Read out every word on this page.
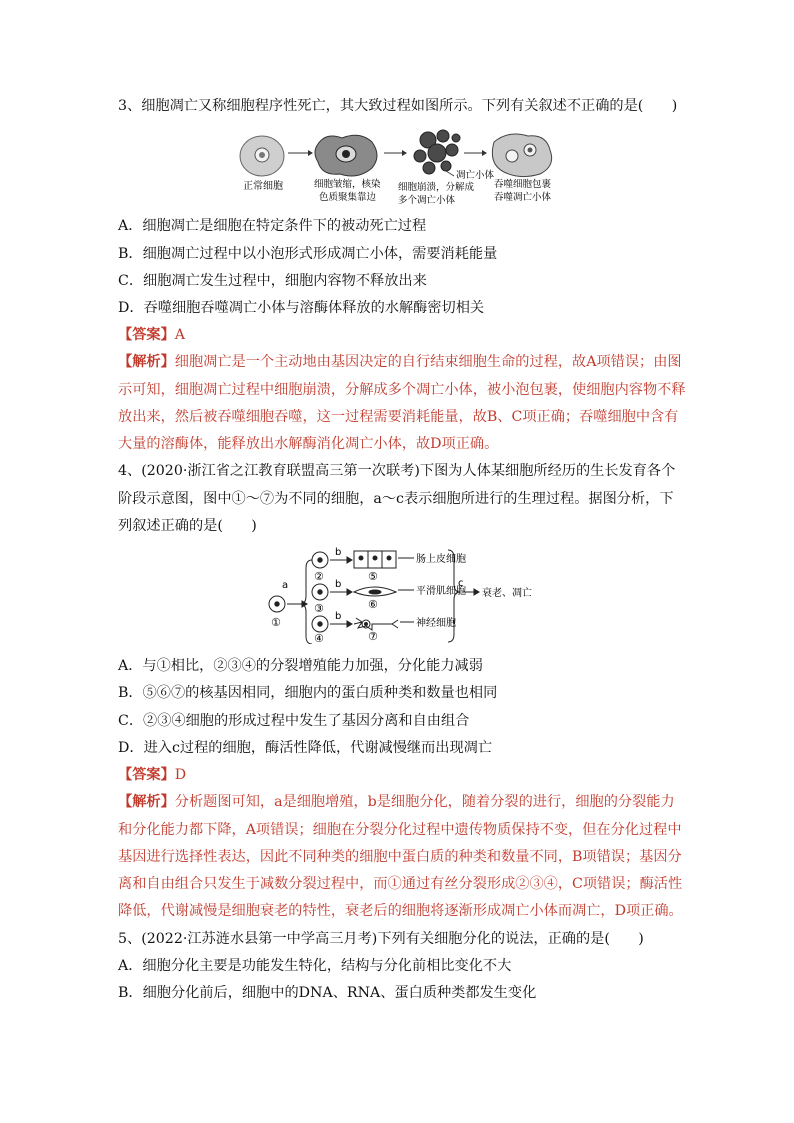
3、细胞凋亡又称细胞程序性死亡，其大致过程如图所示。下列有关叙述不正确的是(　　)
正常细胞	细胞皱缩，核染
色质聚集靠边
凋亡小体
细胞崩溃，分解成
多个凋亡小体
吞噬细胞包裹
吞噬凋亡小体
A．细胞凋亡是细胞在特定条件下的被动死亡过程
B．细胞凋亡过程中以小泡形式形成凋亡小体，需要消耗能量
C．细胞凋亡发生过程中，细胞内容物不释放出来
D．吞噬细胞吞噬凋亡小体与溶酶体释放的水解酶密切相关
【答案】A
【解析】细胞凋亡是一个主动地由基因决定的自行结束细胞生命的过程，故A项错误；由图
示可知，细胞凋亡过程中细胞崩溃，分解成多个凋亡小体，被小泡包裹，使细胞内容物不释
放出来，然后被吞噬细胞吞噬，这一过程需要消耗能量，故B、C项正确；吞噬细胞中含有
大量的溶酶体，能释放出水解酶消化凋亡小体，故D项正确。
4、(2020·浙江省之江教育联盟高三第一次联考)下图为人体某细胞所经历的生长发育各个
阶段示意图，图中①～⑦为不同的细胞，a～c表示细胞所进行的生理过程。据图分析，下
列叙述正确的是(　　)
a
b
b
b
c
①
②
③
④
⑤
⑥
⑦
肠上皮细胞
平滑肌细胞
神经细胞
衰老、凋亡
A．与①相比，②③④的分裂增殖能力加强，分化能力减弱
B．⑤⑥⑦的核基因相同，细胞内的蛋白质种类和数量也相同
C．②③④细胞的形成过程中发生了基因分离和自由组合
D．进入c过程的细胞，酶活性降低，代谢减慢继而出现凋亡
【答案】D
【解析】分析题图可知，a是细胞增殖，b是细胞分化，随着分裂的进行，细胞的分裂能力
和分化能力都下降，A项错误；细胞在分裂分化过程中遗传物质保持不变，但在分化过程中
基因进行选择性表达，因此不同种类的细胞中蛋白质的种类和数量不同，B项错误；基因分
离和自由组合只发生于减数分裂过程中，而①通过有丝分裂形成②③④，C项错误；酶活性
降低，代谢减慢是细胞衰老的特性，衰老后的细胞将逐渐形成凋亡小体而凋亡，D项正确。
5、(2022·江苏涟水县第一中学高三月考)下列有关细胞分化的说法，正确的是(　　)
A．细胞分化主要是功能发生特化，结构与分化前相比变化不大
B．细胞分化前后，细胞中的DNA、RNA、蛋白质种类都发生变化
